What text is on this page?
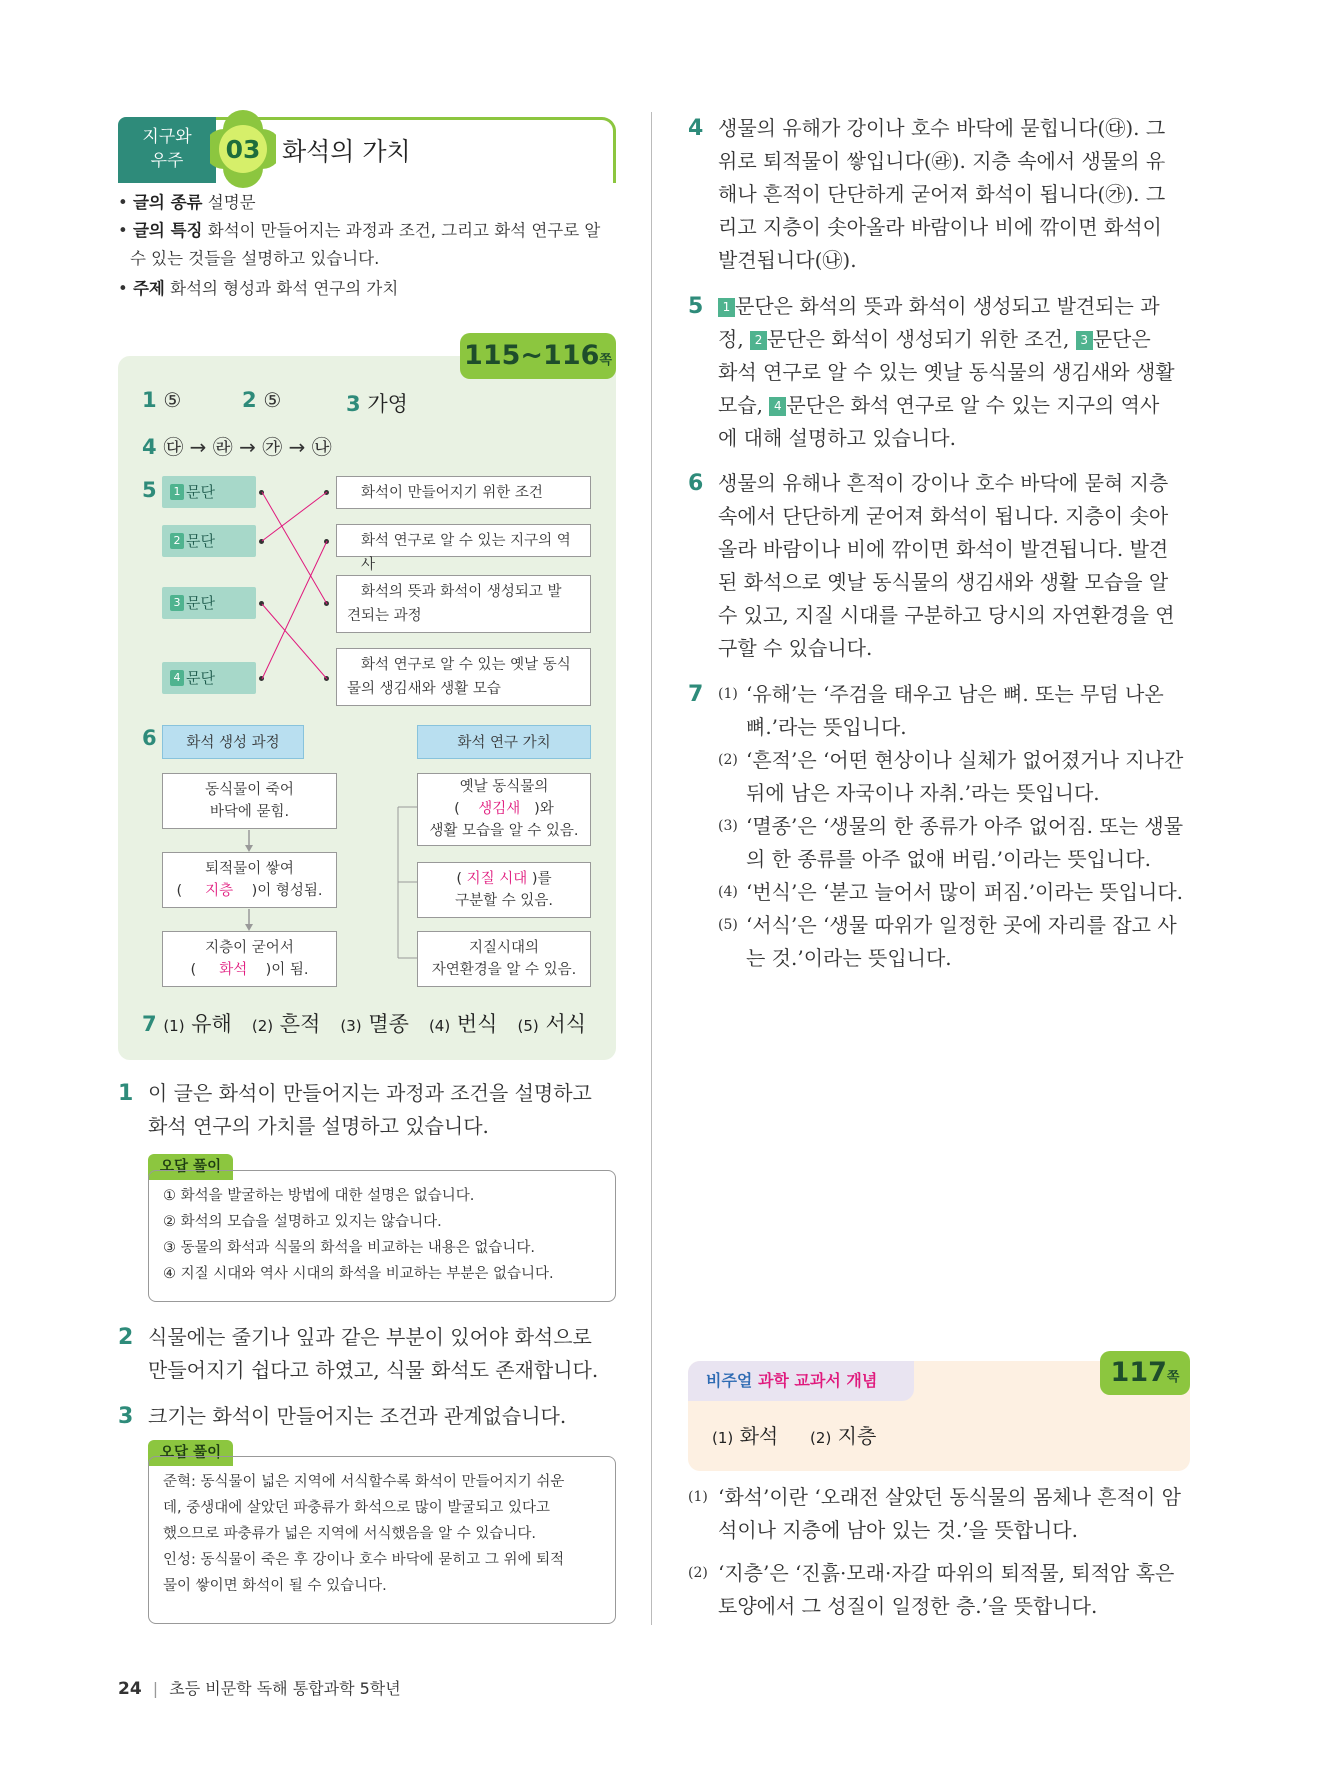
지구와
우주	03 화석의 가치
• 글의 종류 설명문
• 글의 특징 화석이 만들어지는 과정과 조건, 그리고 화석 연구로 알
수 있는 것들을 설명하고 있습니다.
• 주제 화석의 형성과 화석 연구의 가치
115~116쪽
1 ⑤	2 ⑤	3 가영
4 ㉰ → ㉱ → ㉮ → ㉯
5	1 문단
2 문단
3 문단
4 문단
화석이 만들어지기 위한 조건
화석 연구로 알 수 있는 지구의 역사
화석의 뜻과 화석이 생성되고 발
견되는 과정
화석 연구로 알 수 있는 옛날 동식
물의 생김새와 생활 모습
6	화석 생성 과정	화석 연구 가치
동식물이 죽어
바닥에 묻힘.
퇴적물이 쌓여
( 지층 )이 형성됨.
지층이 굳어서
( 화석 )이 됨.
옛날 동식물의
( 생김새 )와
생활 모습을 알 수 있음.
( 지질 시대 )를
구분할 수 있음.
지질시대의
자연환경을 알 수 있음.
7 (1) 유해 (2) 흔적 (3) 멸종 (4) 번식 (5) 서식
1 이 글은 화석이 만들어지는 과정과 조건을 설명하고
화석 연구의 가치를 설명하고 있습니다.
오답 풀이
① 화석을 발굴하는 방법에 대한 설명은 없습니다.
② 화석의 모습을 설명하고 있지는 않습니다.
③ 동물의 화석과 식물의 화석을 비교하는 내용은 없습니다.
④ 지질 시대와 역사 시대의 화석을 비교하는 부분은 없습니다.
2 식물에는 줄기나 잎과 같은 부분이 있어야 화석으로
만들어지기 쉽다고 하였고, 식물 화석도 존재합니다.
3 크기는 화석이 만들어지는 조건과 관계없습니다.
오답 풀이
준혁: 동식물이 넓은 지역에 서식할수록 화석이 만들어지기 쉬운
데, 중생대에 살았던 파충류가 화석으로 많이 발굴되고 있다고
했으므로 파충류가 넓은 지역에 서식했음을 알 수 있습니다.
인성: 동식물이 죽은 후 강이나 호수 바닥에 묻히고 그 위에 퇴적
물이 쌓이면 화석이 될 수 있습니다.
4 생물의 유해가 강이나 호수 바닥에 묻힙니다(㉰). 그
위로 퇴적물이 쌓입니다(㉱). 지층 속에서 생물의 유
해나 흔적이 단단하게 굳어져 화석이 됩니다(㉮). 그
리고 지층이 솟아올라 바람이나 비에 깎이면 화석이
발견됩니다(㉯).
5	1 문단은 화석의 뜻과 화석이 생성되고 발견되는 과
정, 2 문단은 화석이 생성되기 위한 조건, 3 문단은
화석 연구로 알 수 있는 옛날 동식물의 생김새와 생활
모습, 4 문단은 화석 연구로 알 수 있는 지구의 역사
에 대해 설명하고 있습니다.
6 생물의 유해나 흔적이 강이나 호수 바닥에 묻혀 지층
속에서 단단하게 굳어져 화석이 됩니다. 지층이 솟아
올라 바람이나 비에 깎이면 화석이 발견됩니다. 발견
된 화석으로 옛날 동식물의 생김새와 생활 모습을 알
수 있고, 지질 시대를 구분하고 당시의 자연환경을 연
구할 수 있습니다.
7 (1) ‘유해’는 ‘주검을 태우고 남은 뼈. 또는 무덤 나온
뼈.’라는 뜻입니다.
(2) ‘흔적’은 ‘어떤 현상이나 실체가 없어졌거나 지나간
뒤에 남은 자국이나 자취.’라는 뜻입니다.
(3) ‘멸종’은 ‘생물의 한 종류가 아주 없어짐. 또는 생물
의 한 종류를 아주 없애 버림.’이라는 뜻입니다.
(4) ‘번식’은 ‘붇고 늘어서 많이 퍼짐.’이라는 뜻입니다.
(5) ‘서식’은 ‘생물 따위가 일정한 곳에 자리를 잡고 사
는 것.’이라는 뜻입니다.
비주얼 과학 교과서 개념	117쪽
(1) 화석 (2) 지층
(1) ‘화석’이란 ‘오래전 살았던 동식물의 몸체나 흔적이 암
석이나 지층에 남아 있는 것.’을 뜻합니다.
(2) ‘지층’은 ‘진흙·모래·자갈 따위의 퇴적물, 퇴적암 혹은
토양에서 그 성질이 일정한 층.’을 뜻합니다.
24 | 초등 비문학 독해 통합과학 5학년
